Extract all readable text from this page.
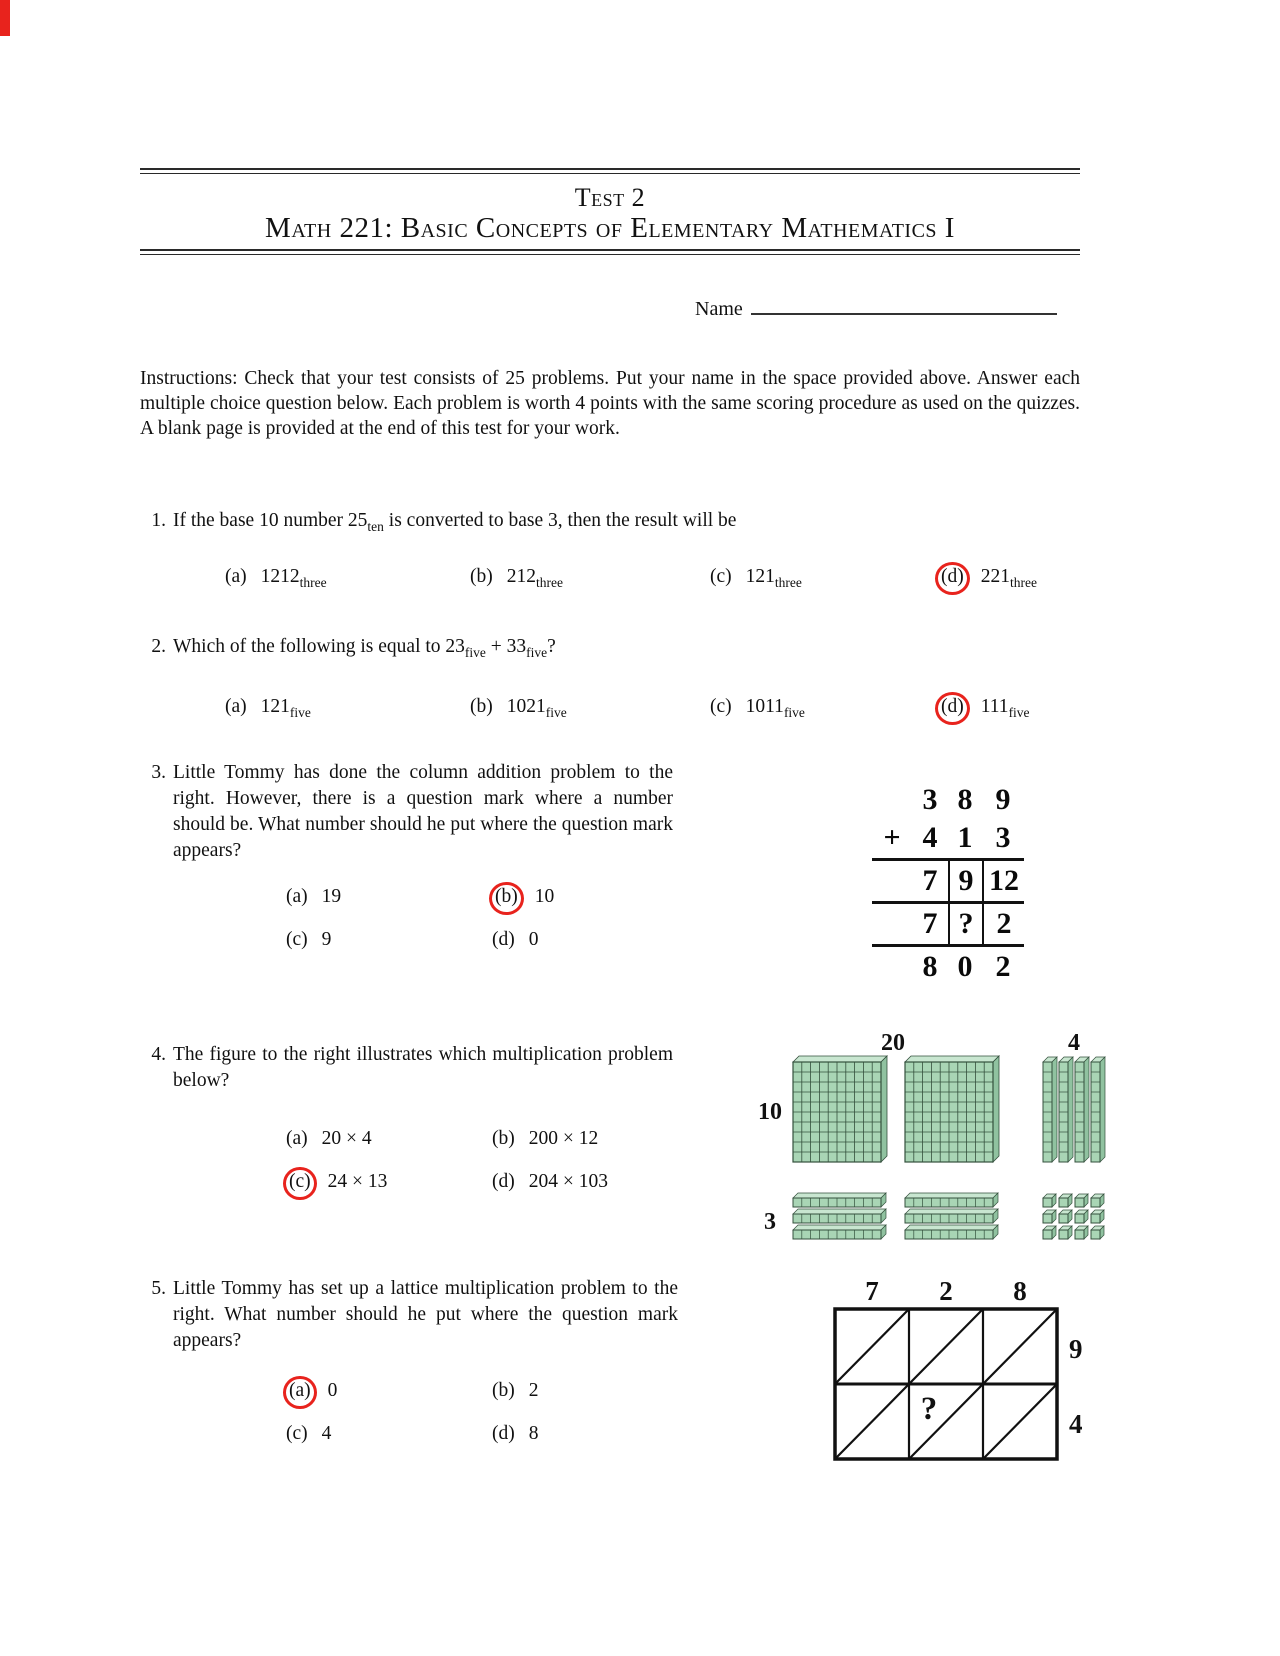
Test 2
Math 221: Basic Concepts of Elementary Mathematics I
Name
Instructions: Check that your test consists of 25 problems. Put your name in the space provided above. Answer each multiple choice question below. Each problem is worth 4 points with the same scoring procedure as used on the quizzes. A blank page is provided at the end of this test for your work.
1. If the base 10 number $25_{ten}$ is converted to base 3, then the result will be
(a) $1212_{three}$	(b) $212_{three}$	(c) $121_{three}$	(d) $221_{three}$
2. Which of the following is equal to $23_{five} + 33_{five}$?
(a) $121_{five}$	(b) $1021_{five}$	(c) $1011_{five}$	(d) $111_{five}$
3. Little Tommy has done the column addition problem to the right. However, there is a question mark where a number should be. What number should he put where the question mark appears?
(a) 19	(b) 10
(c) 9	(d) 0
3 8 9
+ 4 1 3
7 9 12
7 ? 2
8 0 2
4. The figure to the right illustrates which multiplication problem below?
(a) 20 × 4	(b) 200 × 12
(c) 24 × 13	(d) 204 × 103
20	4
10
3
5. Little Tommy has set up a lattice multiplication problem to the right. What number should he put where the question mark appears?
(a) 0	(b) 2
(c) 4	(d) 8
7 2 8
9
4
?
